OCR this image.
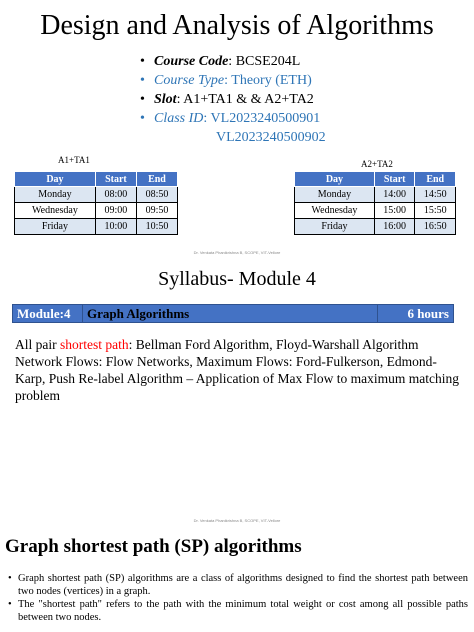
Design and Analysis of Algorithms
• Course Code: BCSE204L
• Course Type: Theory (ETH)
• Slot: A1+TA1 & & A2+TA2
• Class ID: VL2023240500901
VL2023240500902
A1+TA1
Day	Start	End
Monday	08:00	08:50
Wednesday	09:00	09:50
Friday	10:00	10:50
A2+TA2
Day	Start	End
Monday	14:00	14:50
Wednesday	15:00	15:50
Friday	16:00	16:50
Dr. Venkata Phanikrishna B, SCOPE, VIT-Vellore
Syllabus- Module 4
Module:4	Graph Algorithms	6 hours
All pair shortest path: Bellman Ford Algorithm, Floyd-Warshall Algorithm Network Flows: Flow Networks, Maximum Flows: Ford-Fulkerson, Edmond-Karp, Push Re-label Algorithm – Application of Max Flow to maximum matching problem
Dr. Venkata Phanikrishna B, SCOPE, VIT-Vellore
Graph shortest path (SP) algorithms
• Graph shortest path (SP) algorithms are a class of algorithms designed to find the shortest path between two nodes (vertices) in a graph.
• The "shortest path" refers to the path with the minimum total weight or cost among all possible paths between two nodes.
